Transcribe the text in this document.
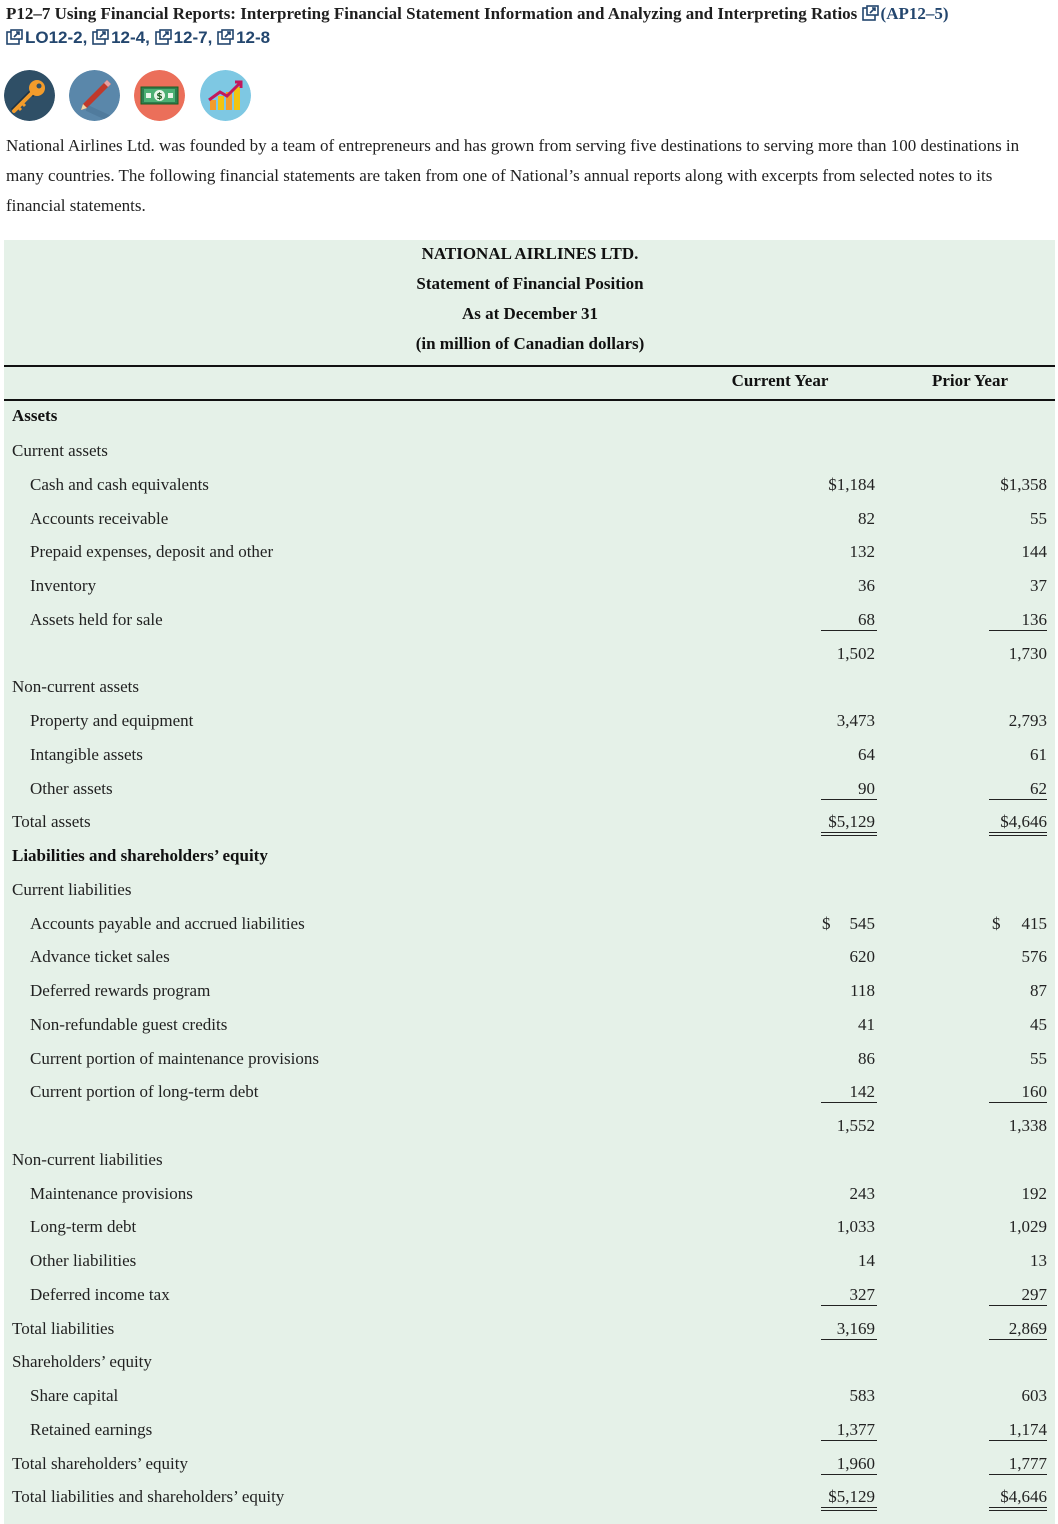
P12–7 Using Financial Reports: Interpreting Financial Statement Information and Analyzing and Interpreting Ratios (AP12–5)
LO12-2, 12-4, 12-7, 12-8
$
National Airlines Ltd. was founded by a team of entrepreneurs and has grown from serving five destinations to serving more than 100 destinations in many countries. The following financial statements are taken from one of National’s annual reports along with excerpts from selected notes to its financial statements.
NATIONAL AIRLINES LTD.
Statement of Financial Position
As at December 31
(in million of Canadian dollars)
Current Year	Prior Year
Assets
Current assets
Cash and cash equivalents	$1,184	$1,358
Accounts receivable	82	55
Prepaid expenses, deposit and other	132	144
Inventory	36	37
Assets held for sale	68	136
1,502	1,730
Non-current assets
Property and equipment	3,473	2,793
Intangible assets	64	61
Other assets	90	62
Total assets	$5,129	$4,646
Liabilities and shareholders’ equity
Current liabilities
Accounts payable and accrued liabilities	$ 545	$ 415
Advance ticket sales	620	576
Deferred rewards program	118	87
Non-refundable guest credits	41	45
Current portion of maintenance provisions	86	55
Current portion of long-term debt	142	160
1,552	1,338
Non-current liabilities
Maintenance provisions	243	192
Long-term debt	1,033	1,029
Other liabilities	14	13
Deferred income tax	327	297
Total liabilities	3,169	2,869
Shareholders’ equity
Share capital	583	603
Retained earnings	1,377	1,174
Total shareholders’ equity	1,960	1,777
Total liabilities and shareholders’ equity	$5,129	$4,646
